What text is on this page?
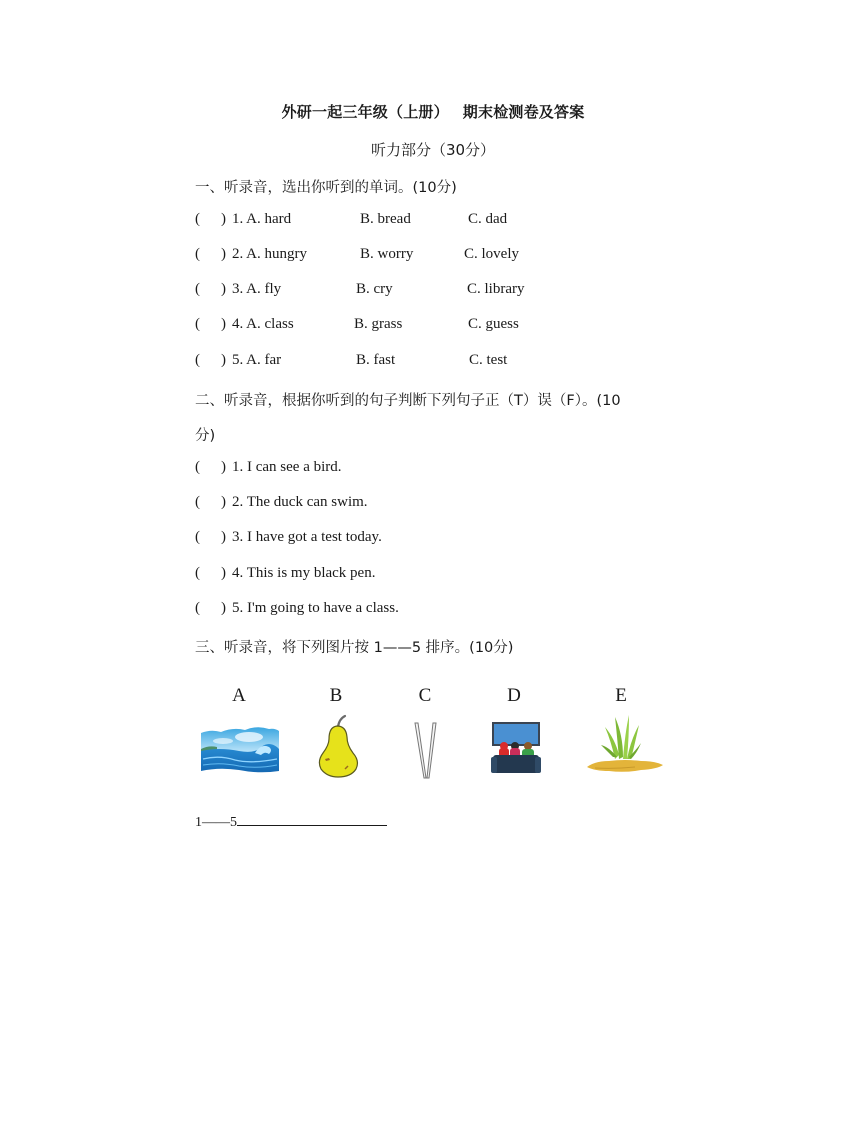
外研一起三年级（上册） 期末检测卷及答案
听力部分（30分）
一、听录音，选出你听到的单词。(10分)
( ) 1. A. hard	B. bread	C. dad
( ) 2. A. hungry	B. worry	C. lovely
( ) 3. A. fly	B. cry	C. library
( ) 4. A. class	B. grass	C. guess
( ) 5. A. far	B. fast	C. test
二、听录音，根据你听到的句子判断下列句子正（T）误（F）。(10
分)
( ) 1. I can see a bird.
( ) 2. The duck can swim.
( ) 3. I have got a test today.
( ) 4. This is my black pen.
( ) 5. I'm going to have a class.
三、听录音，将下列图片按 1——5 排序。(10分)
A	B	C	D	E
1——5
